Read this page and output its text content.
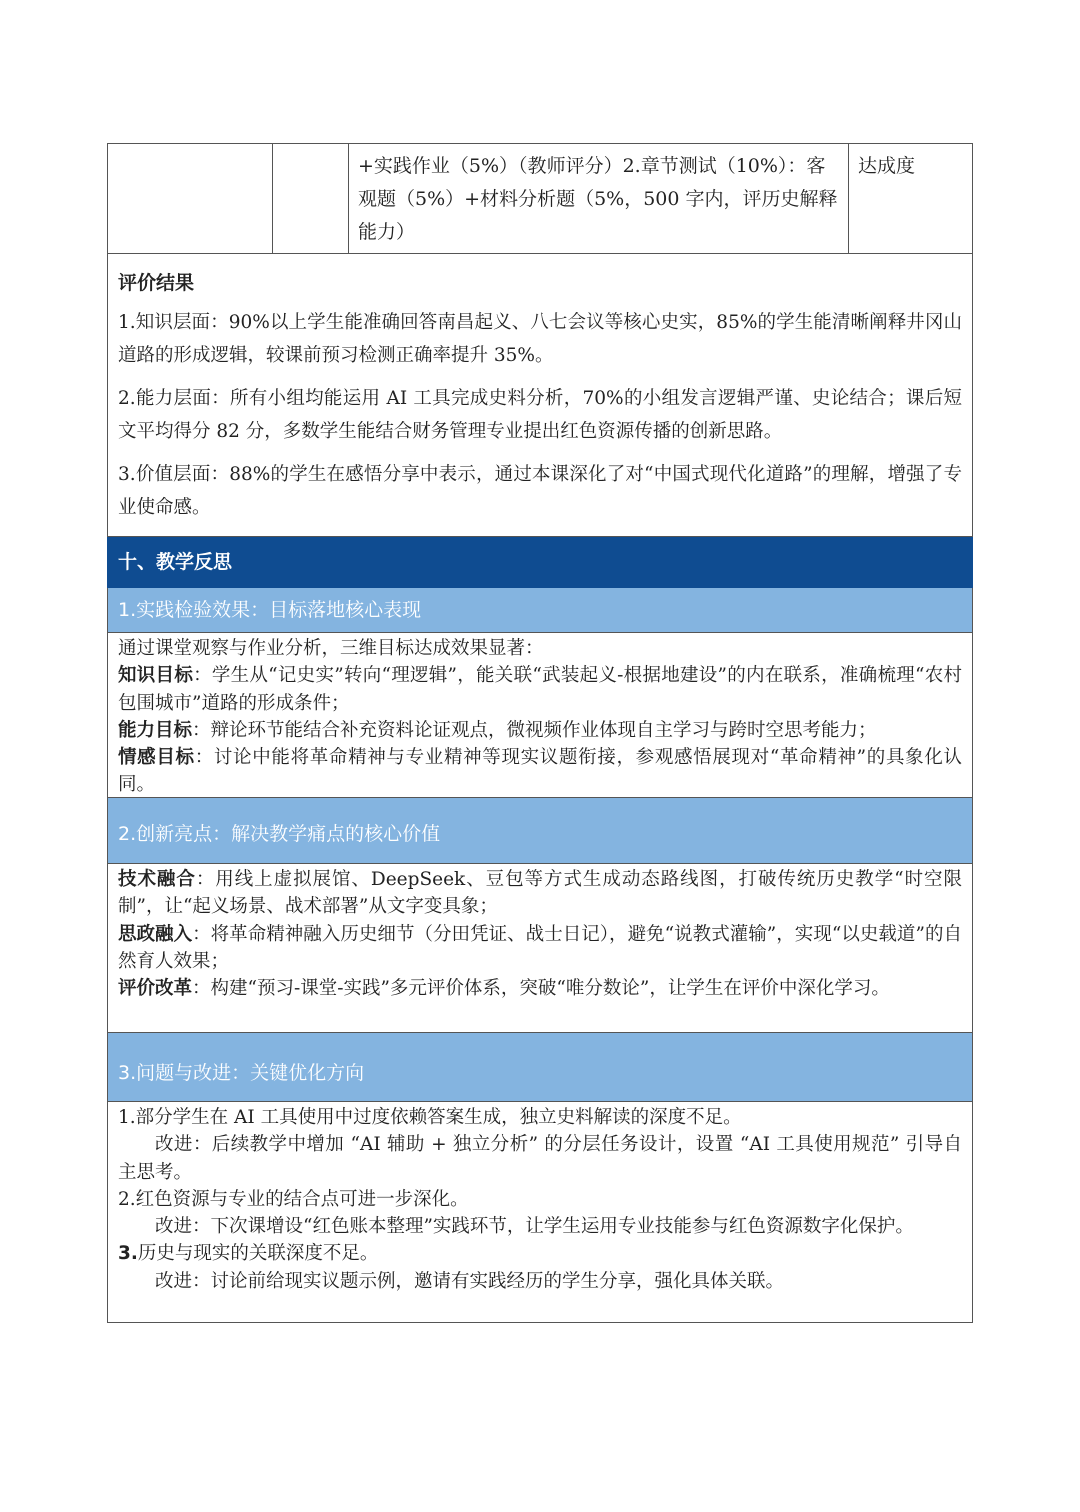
+实践作业（5%）（教师评分）2.章节测试（10%）：客观题（5%）+材料分析题（5%，500 字内，评历史解释能力）
达成度
评价结果

1.知识层面：90%以上学生能准确回答南昌起义、八七会议等核心史实，85%的学生能清晰阐释井冈山道路的形成逻辑，较课前预习检测正确率提升 35%。

2.能力层面：所有小组均能运用 AI 工具完成史料分析，70%的小组发言逻辑严谨、史论结合；课后短文平均得分 82 分，多数学生能结合财务管理专业提出红色资源传播的创新思路。

3.价值层面：88%的学生在感悟分享中表示，通过本课深化了对“中国式现代化道路”的理解，增强了专业使命感。

十、教学反思
1.实践检验效果：目标落地核心表现

通过课堂观察与作业分析，三维目标达成效果显著：

知识目标：学生从“记史实”转向“理逻辑”，能关联“武装起义-根据地建设”的内在联系，准确梳理“农村包围城市”道路的形成条件；

能力目标：辩论环节能结合补充资料论证观点，微视频作业体现自主学习与跨时空思考能力；

情感目标：讨论中能将革命精神与专业精神等现实议题衔接，参观感悟展现对“革命精神”的具象化认同。

2.创新亮点：解决教学痛点的核心价值

技术融合：用线上虚拟展馆、DeepSeek、豆包等方式生成动态路线图，打破传统历史教学“时空限制”，让“起义场景、战术部署”从文字变具象；

思政融入：将革命精神融入历史细节（分田凭证、战士日记），避免“说教式灌输”，实现“以史载道”的自然育人效果；

评价改革：构建“预习-课堂-实践”多元评价体系，突破“唯分数论”，让学生在评价中深化学习。

3.问题与改进：关键优化方向

1.部分学生在 AI 工具使用中过度依赖答案生成，独立史料解读的深度不足。

改进：后续教学中增加 “AI 辅助 + 独立分析” 的分层任务设计，设置 “AI 工具使用规范” 引导自主思考。

2.红色资源与专业的结合点可进一步深化。

改进：下次课增设“红色账本整理”实践环节，让学生运用专业技能参与红色资源数字化保护。

3.历史与现实的关联深度不足。

改进：讨论前给现实议题示例，邀请有实践经历的学生分享，强化具体关联。
